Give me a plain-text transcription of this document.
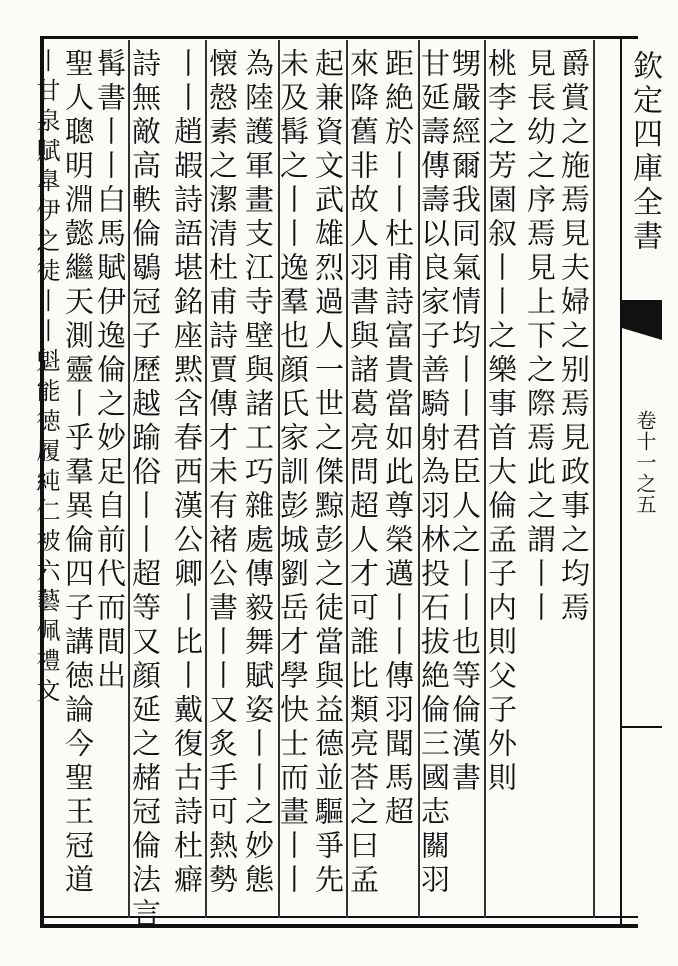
欽定四庫全書
卷十一之五
爵賞之施焉見夫婦之别焉見政事之均焉
見長幼之序焉見上下之際焉此之謂丨丨
桃李之芳園叙丨丨之樂事首大倫孟子内則父子外則
甥嚴經爾我同氣情均丨丨君臣人之丨丨也等倫漢書
甘延壽傳壽以良家子善騎射為羽林投石拔絶倫三國志關羽
距絶於丨丨杜甫詩富貴當如此尊榮邁丨丨傳羽聞馬超
來降舊非故人羽書與諸葛亮問超人才可誰比類亮荅之曰孟
起兼資文武雄烈過人一世之傑黥彭之徒當與益德並驅爭先
未及髯之丨丨逸羣也顔氏家訓彭城劉岳才學快士而畫丨丨
為陸護軍畫支江寺壁與諸工巧雜處傳毅舞賦姿丨丨之妙態
懐慤素之潔清杜甫詩賈傳才未有褚公書丨丨又炙手可熱勢
丨丨趙嘏詩語堪銘座黙含春西漢公卿丨比丨戴復古詩杜癖
詩無敵高軼倫鶡冠子歷越踰俗丨丨超等又顔延之赭冠倫法言
髯書丨丨白馬賦伊逸倫之妙足自前代而間出
聖人聰明淵懿繼天測靈丨乎羣異倫四子講徳論今聖王冠道
丨甘泉賦臯伊之徒丨丨魁能徳履純仁被六藝佩禮文
